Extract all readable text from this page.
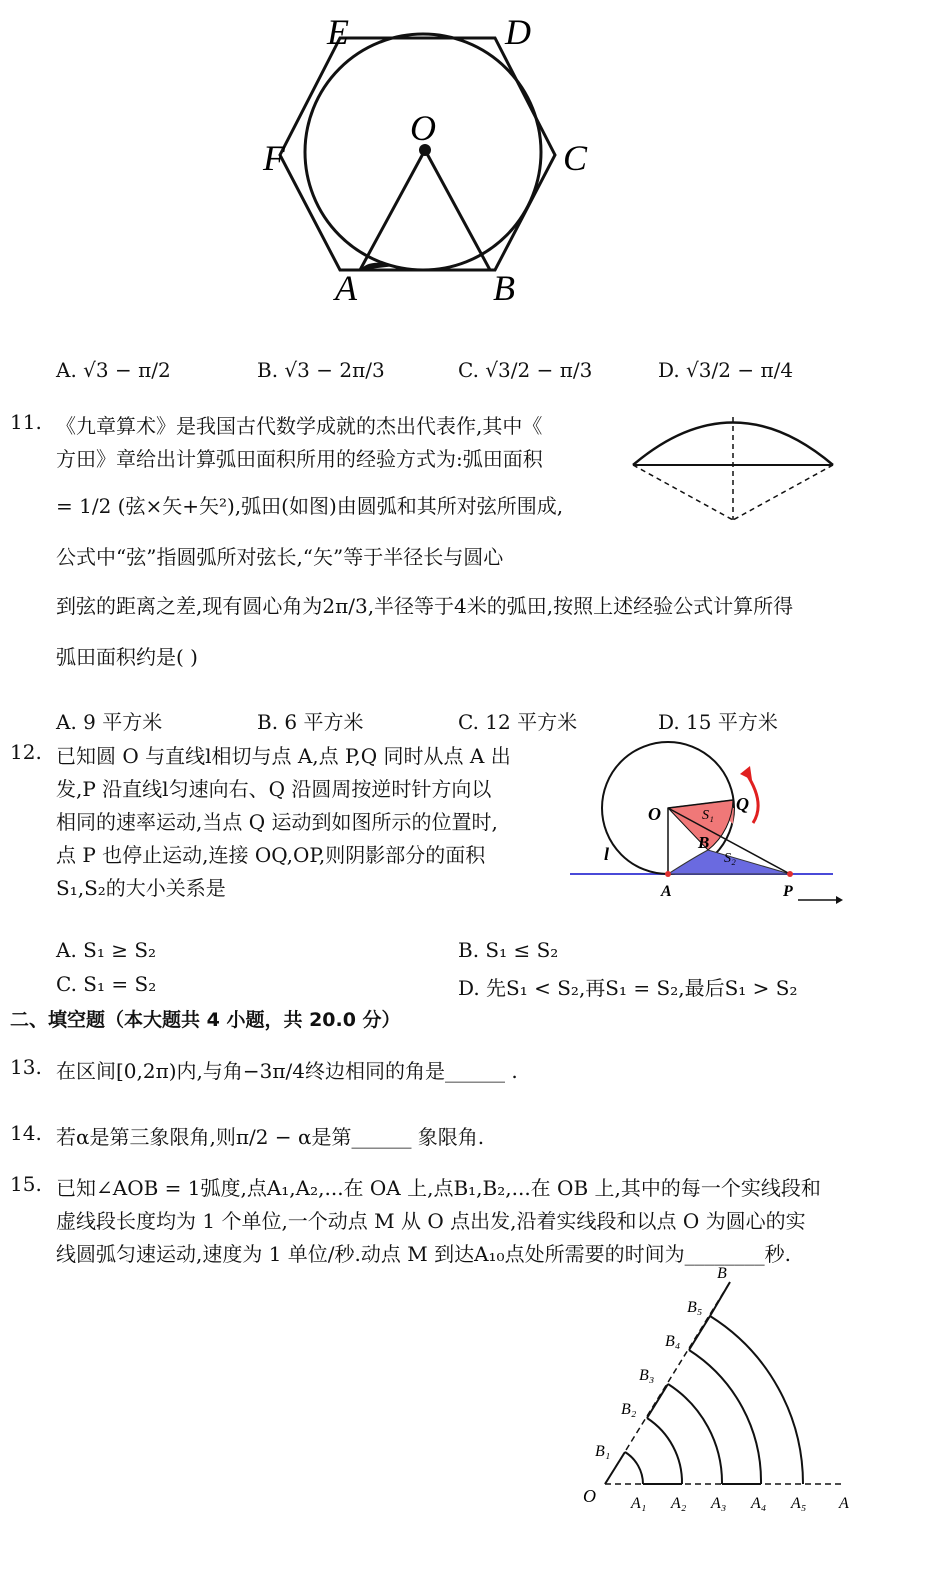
E	D
F	C
O
A	B
A. √3 − π/2	B. √3 − 2π/3	C. √3/2 − π/3	D. √3/2 − π/4
11. 《九章算术》是我国古代数学成就的杰出代表作,其中《
方田》章给出计算弧田面积所用的经验方式为:弧田面积
= 1/2 (弦×矢+矢²),弧田(如图)由圆弧和其所对弦所围成,
公式中“弦”指圆弧所对弦长,“矢”等于半径长与圆心
到弦的距离之差,现有圆心角为2π/3,半径等于4米的弧田,按照上述经验公式计算所得
弧田面积约是( )
A. 9 平方米	B. 6 平方米	C. 12 平方米	D. 15 平方米
12. 已知圆 O 与直线l相切与点 A,点 P,Q 同时从点 A 出
发,P 沿直线l匀速向右、Q 沿圆周按逆时针方向以
相同的速率运动,当点 Q 运动到如图所示的位置时,
点 P 也停止运动,连接 OQ,OP,则阴影部分的面积
S₁,S₂的大小关系是
O	Q
S₁
B
S₂
l
A	P
A. S₁ ≥ S₂	B. S₁ ≤ S₂
C. S₁ = S₂	D. 先S₁ < S₂,再S₁ = S₂,最后S₁ > S₂
二、填空题（本大题共 4 小题，共 20.0 分）
13. 在区间[0,2π)内,与角−3π/4终边相同的角是______ .
14. 若α是第三象限角,则π/2 − α是第______ 象限角.
15. 已知∠AOB = 1弧度,点A₁,A₂,...在 OA 上,点B₁,B₂,...在 OB 上,其中的每一个实线段和
虚线段长度均为 1 个单位,一个动点 M 从 O 点出发,沿着实线段和以点 O 为圆心的实
线圆弧匀速运动,速度为 1 单位/秒.动点 M 到达A₁₀点处所需要的时间为________秒.
O A₁ A₂ A₃ A₄ A₅ A
B₁
B₂
B₃
B₄
B₅
B
